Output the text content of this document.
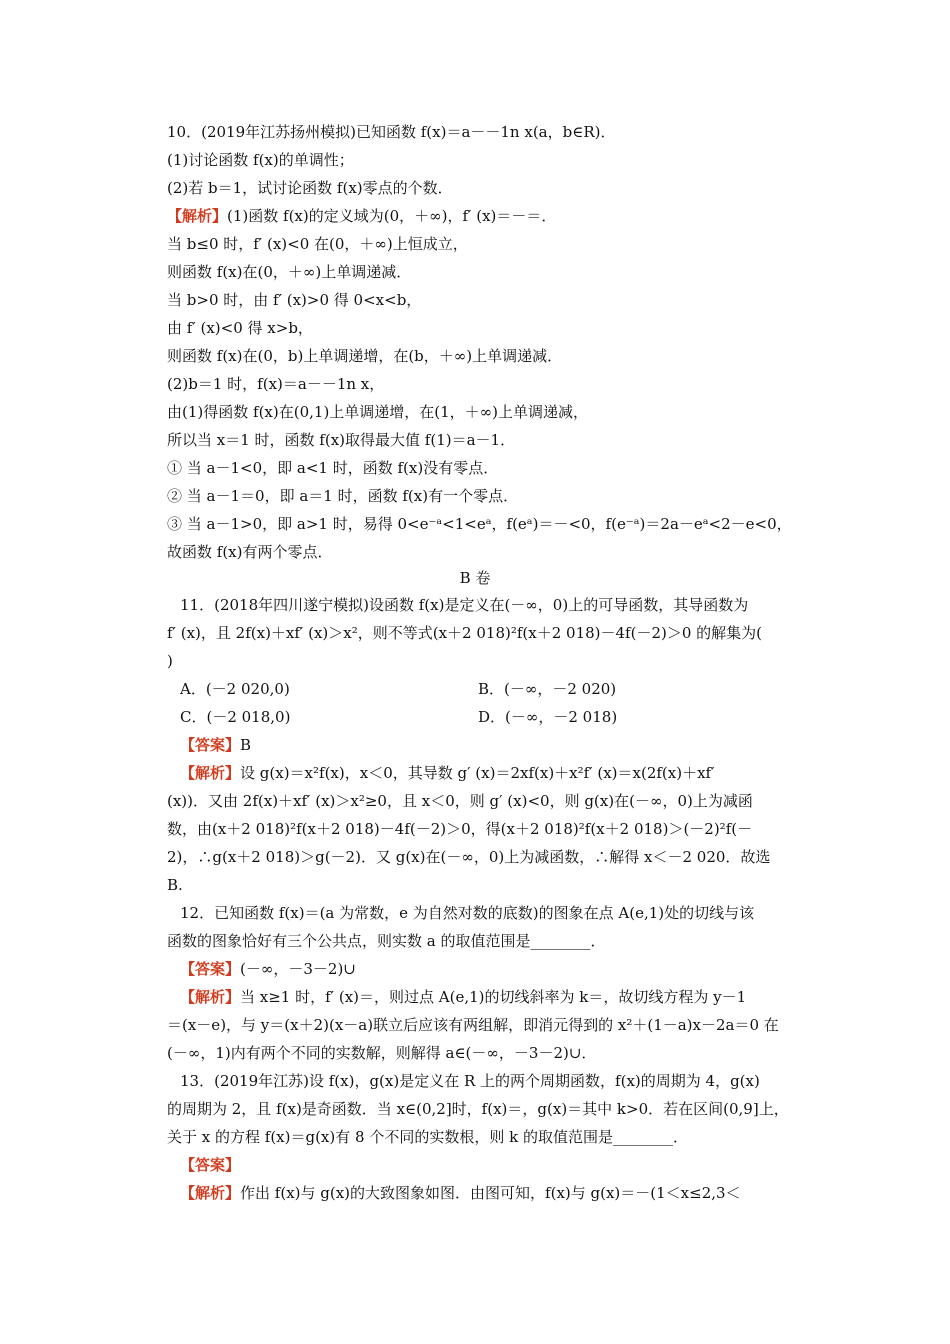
10．(2019年江苏扬州模拟)已知函数 f(x)＝a－－1n x(a，b∈R)．
(1)讨论函数 f(x)的单调性；
(2)若 b＝1，试讨论函数 f(x)零点的个数．
【解析】(1)函数 f(x)的定义域为(0，＋∞)，f′ (x)＝－＝．
当 b≤0 时，f′ (x)<0 在(0，＋∞)上恒成立，
则函数 f(x)在(0，＋∞)上单调递减．
当 b>0 时，由 f′ (x)>0 得 0<x<b，
由 f′ (x)<0 得 x>b，
则函数 f(x)在(0，b)上单调递增，在(b，＋∞)上单调递减．
(2)b＝1 时，f(x)＝a－－1n x，
由(1)得函数 f(x)在(0,1)上单调递增，在(1，＋∞)上单调递减，
所以当 x＝1 时，函数 f(x)取得最大值 f(1)＝a－1．
① 当 a－1<0，即 a<1 时，函数 f(x)没有零点．
② 当 a－1＝0，即 a＝1 时，函数 f(x)有一个零点．
③ 当 a－1>0，即 a>1 时，易得 0<e⁻ᵃ<1<eᵃ，f(eᵃ)＝－<0，f(e⁻ᵃ)＝2a－eᵃ<2－e<0，
故函数 f(x)有两个零点．
B 卷
11．(2018年四川遂宁模拟)设函数 f(x)是定义在(－∞，0)上的可导函数，其导函数为
f′ (x)，且 2f(x)＋xf′ (x)＞x²，则不等式(x＋2 018)²f(x＋2 018)－4f(－2)＞0 的解集为(
)
A．(－2 020,0)	B．(－∞，－2 020)
C．(－2 018,0)	D．(－∞，－2 018)
【答案】B
【解析】设 g(x)＝x²f(x)，x＜0，其导数 g′ (x)＝2xf(x)＋x²f′ (x)＝x(2f(x)＋xf′
(x))．又由 2f(x)＋xf′ (x)＞x²≥0，且 x＜0，则 g′ (x)<0，则 g(x)在(－∞，0)上为减函
数，由(x＋2 018)²f(x＋2 018)－4f(－2)＞0，得(x＋2 018)²f(x＋2 018)＞(－2)²f(－
2)，∴g(x＋2 018)＞g(－2)．又 g(x)在(－∞，0)上为减函数，∴解得 x＜－2 020．故选
B.
12．已知函数 f(x)＝(a 为常数，e 为自然对数的底数)的图象在点 A(e,1)处的切线与该
函数的图象恰好有三个公共点，则实数 a 的取值范围是________．
【答案】(－∞，－3－2)∪
【解析】当 x≥1 时，f′ (x)＝，则过点 A(e,1)的切线斜率为 k＝，故切线方程为 y－1
＝(x－e)，与 y＝(x＋2)(x－a)联立后应该有两组解，即消元得到的 x²＋(1－a)x－2a＝0 在
(－∞，1)内有两个不同的实数解，则解得 a∈(－∞，－3－2)∪．
13．(2019年江苏)设 f(x)，g(x)是定义在 R 上的两个周期函数，f(x)的周期为 4，g(x)
的周期为 2，且 f(x)是奇函数．当 x∈(0,2]时，f(x)＝，g(x)＝其中 k>0．若在区间(0,9]上，
关于 x 的方程 f(x)＝g(x)有 8 个不同的实数根，则 k 的取值范围是________．
【答案】
【解析】作出 f(x)与 g(x)的大致图象如图．由图可知，f(x)与 g(x)＝－(1＜x≤2,3＜
